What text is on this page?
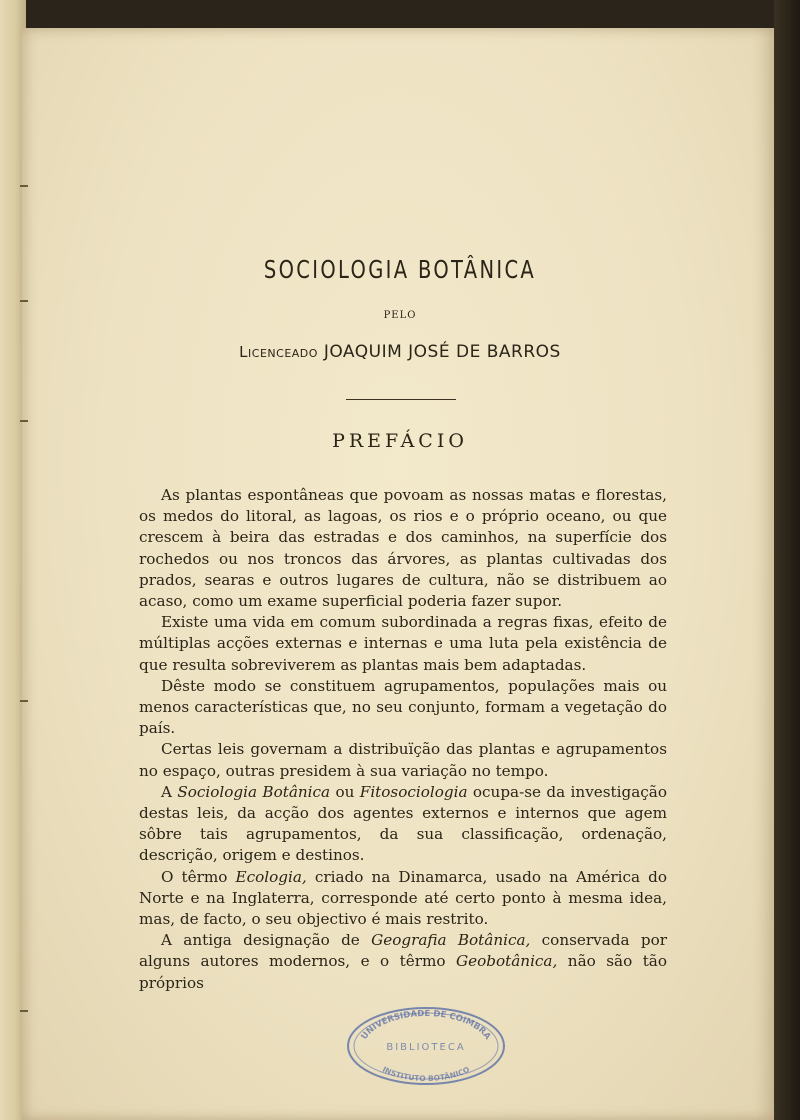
SOCIOLOGIA BOTÂNICA
PELO
Licenceado JOAQUIM JOSÉ DE BARROS
PREFÁCIO

As plantas espontâneas que povoam as nossas matas e florestas, os medos do litoral, as lagoas, os rios e o próprio oceano, ou que crescem à beira das estradas e dos caminhos, na superfície dos rochedos ou nos troncos das árvores, as plantas cultivadas dos prados, searas e outros lugares de cultura, não se distribuem ao acaso, como um exame superficial poderia fazer supor.

Existe uma vida em comum subordinada a regras fixas, efeito de múltiplas acções externas e internas e uma luta pela existência de que resulta sobreviverem as plantas mais bem adaptadas.

Dêste modo se constituem agrupamentos, populações mais ou menos características que, no seu conjunto, formam a vegetação do país.

Certas leis governam a distribuïção das plantas e agrupamentos no espaço, outras presidem à sua variação no tempo.

A Sociologia Botânica ou Fitosociologia ocupa-se da investigação destas leis, da acção dos agentes externos e internos que agem sôbre tais agrupamentos, da sua classificação, ordenação, descrição, origem e destinos.

O têrmo Ecologia, criado na Dinamarca, usado na América do Norte e na Inglaterra, corresponde até certo ponto à mesma idea, mas, de facto, o seu objectivo é mais restrito.

A antiga designação de Geografia Botânica, conservada por alguns autores modernos, e o têrmo Geobotânica, não são tão próprios

UNIVERSIDADE DE COIMBRA
BIBLIOTECA
INSTITUTO BOTÂNICO
